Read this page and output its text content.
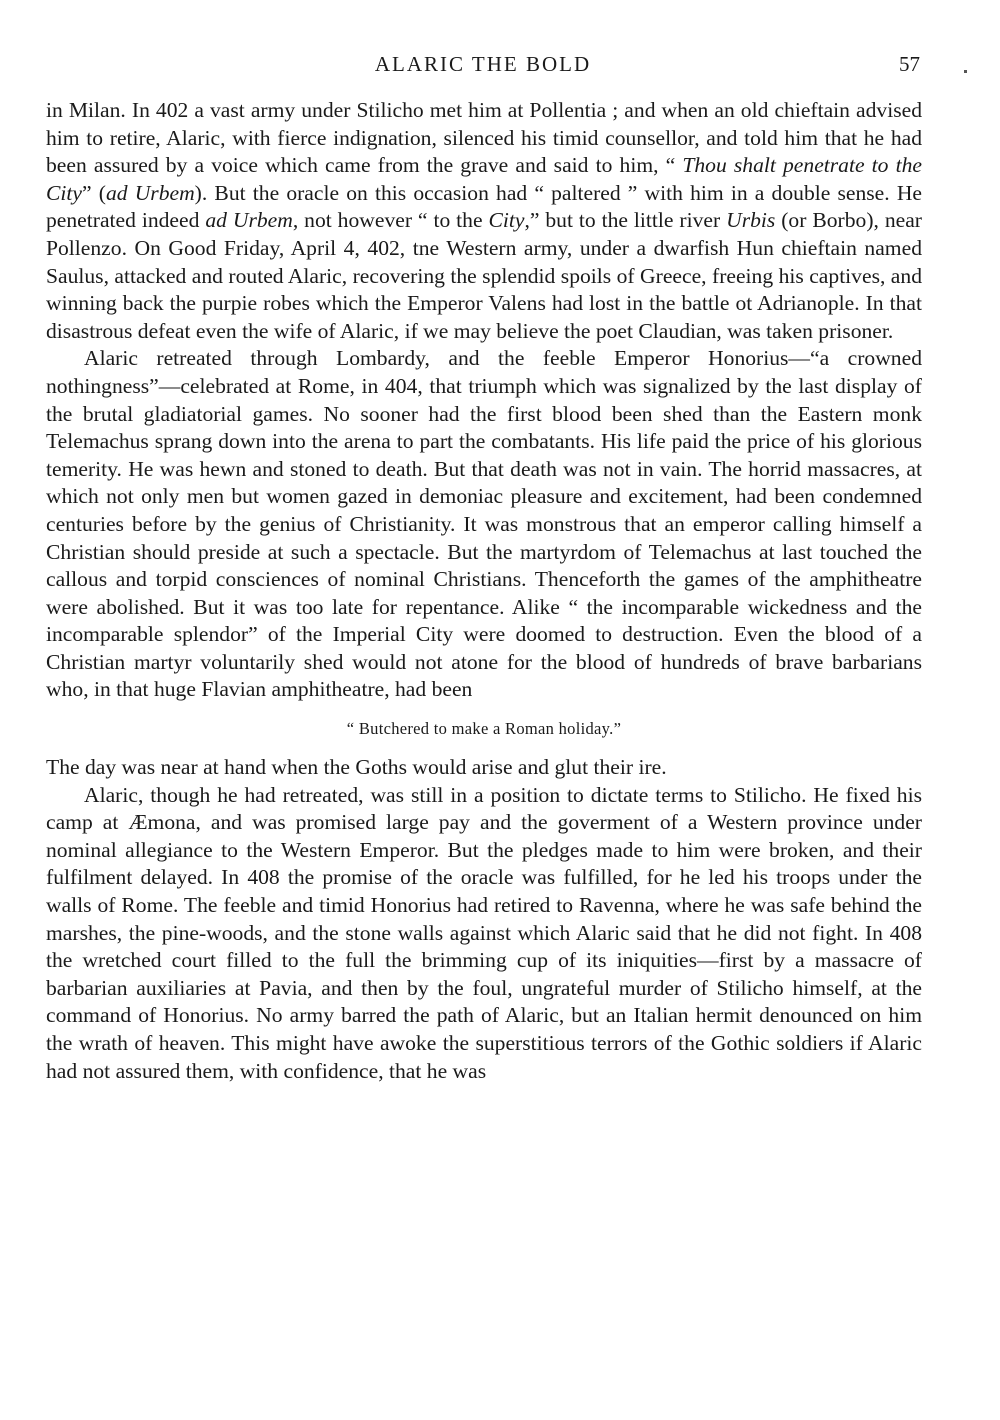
ALARIC THE BOLD	57

in Milan. In 402 a vast army under Stilicho met him at Pollentia ; and when an old chieftain advised him to retire, Alaric, with fierce indignation, silenced his timid counsellor, and told him that he had been assured by a voice which came from the grave and said to him, “ Thou shalt penetrate to the City” (ad Urbem). But the oracle on this occasion had “ paltered ” with him in a double sense. He penetrated indeed ad Urbem, not however “ to the City,” but to the little river Urbis (or Borbo), near Pollenzo. On Good Friday, April 4, 402, tne Western army, under a dwarfish Hun chieftain named Saulus, attacked and routed Alaric, recovering the splendid spoils of Greece, freeing his captives, and winning back the purpie robes which the Emperor Valens had lost in the battle ot Adrianople. In that disastrous defeat even the wife of Alaric, if we may believe the poet Claudian, was taken prisoner.

Alaric retreated through Lombardy, and the feeble Emperor Honorius—“a crowned nothingness”—celebrated at Rome, in 404, that triumph which was signalized by the last display of the brutal gladiatorial games. No sooner had the first blood been shed than the Eastern monk Telemachus sprang down into the arena to part the combatants. His life paid the price of his glorious temerity. He was hewn and stoned to death. But that death was not in vain. The horrid massacres, at which not only men but women gazed in demoniac pleasure and excitement, had been condemned centuries before by the genius of Christianity. It was monstrous that an emperor calling himself a Christian should preside at such a spectacle. But the martyrdom of Telemachus at last touched the callous and torpid consciences of nominal Christians. Thenceforth the games of the amphitheatre were abolished. But it was too late for repentance. Alike “ the incomparable wickedness and the incomparable splendor” of the Imperial City were doomed to destruction. Even the blood of a Christian martyr voluntarily shed would not atone for the blood of hundreds of brave barbarians who, in that huge Flavian amphitheatre, had been

“ Butchered to make a Roman holiday.”

The day was near at hand when the Goths would arise and glut their ire.

Alaric, though he had retreated, was still in a position to dictate terms to Stilicho. He fixed his camp at Æmona, and was promised large pay and the goverment of a Western province under nominal allegiance to the Western Emperor. But the pledges made to him were broken, and their fulfilment delayed. In 408 the promise of the oracle was fulfilled, for he led his troops under the walls of Rome. The feeble and timid Honorius had retired to Ravenna, where he was safe behind the marshes, the pine-woods, and the stone walls against which Alaric said that he did not fight. In 408 the wretched court filled to the full the brimming cup of its iniquities—first by a massacre of barbarian auxiliaries at Pavia, and then by the foul, ungrateful murder of Stilicho himself, at the command of Honorius. No army barred the path of Alaric, but an Italian hermit denounced on him the wrath of heaven. This might have awoke the superstitious terrors of the Gothic soldiers if Alaric had not assured them, with confidence, that he was
